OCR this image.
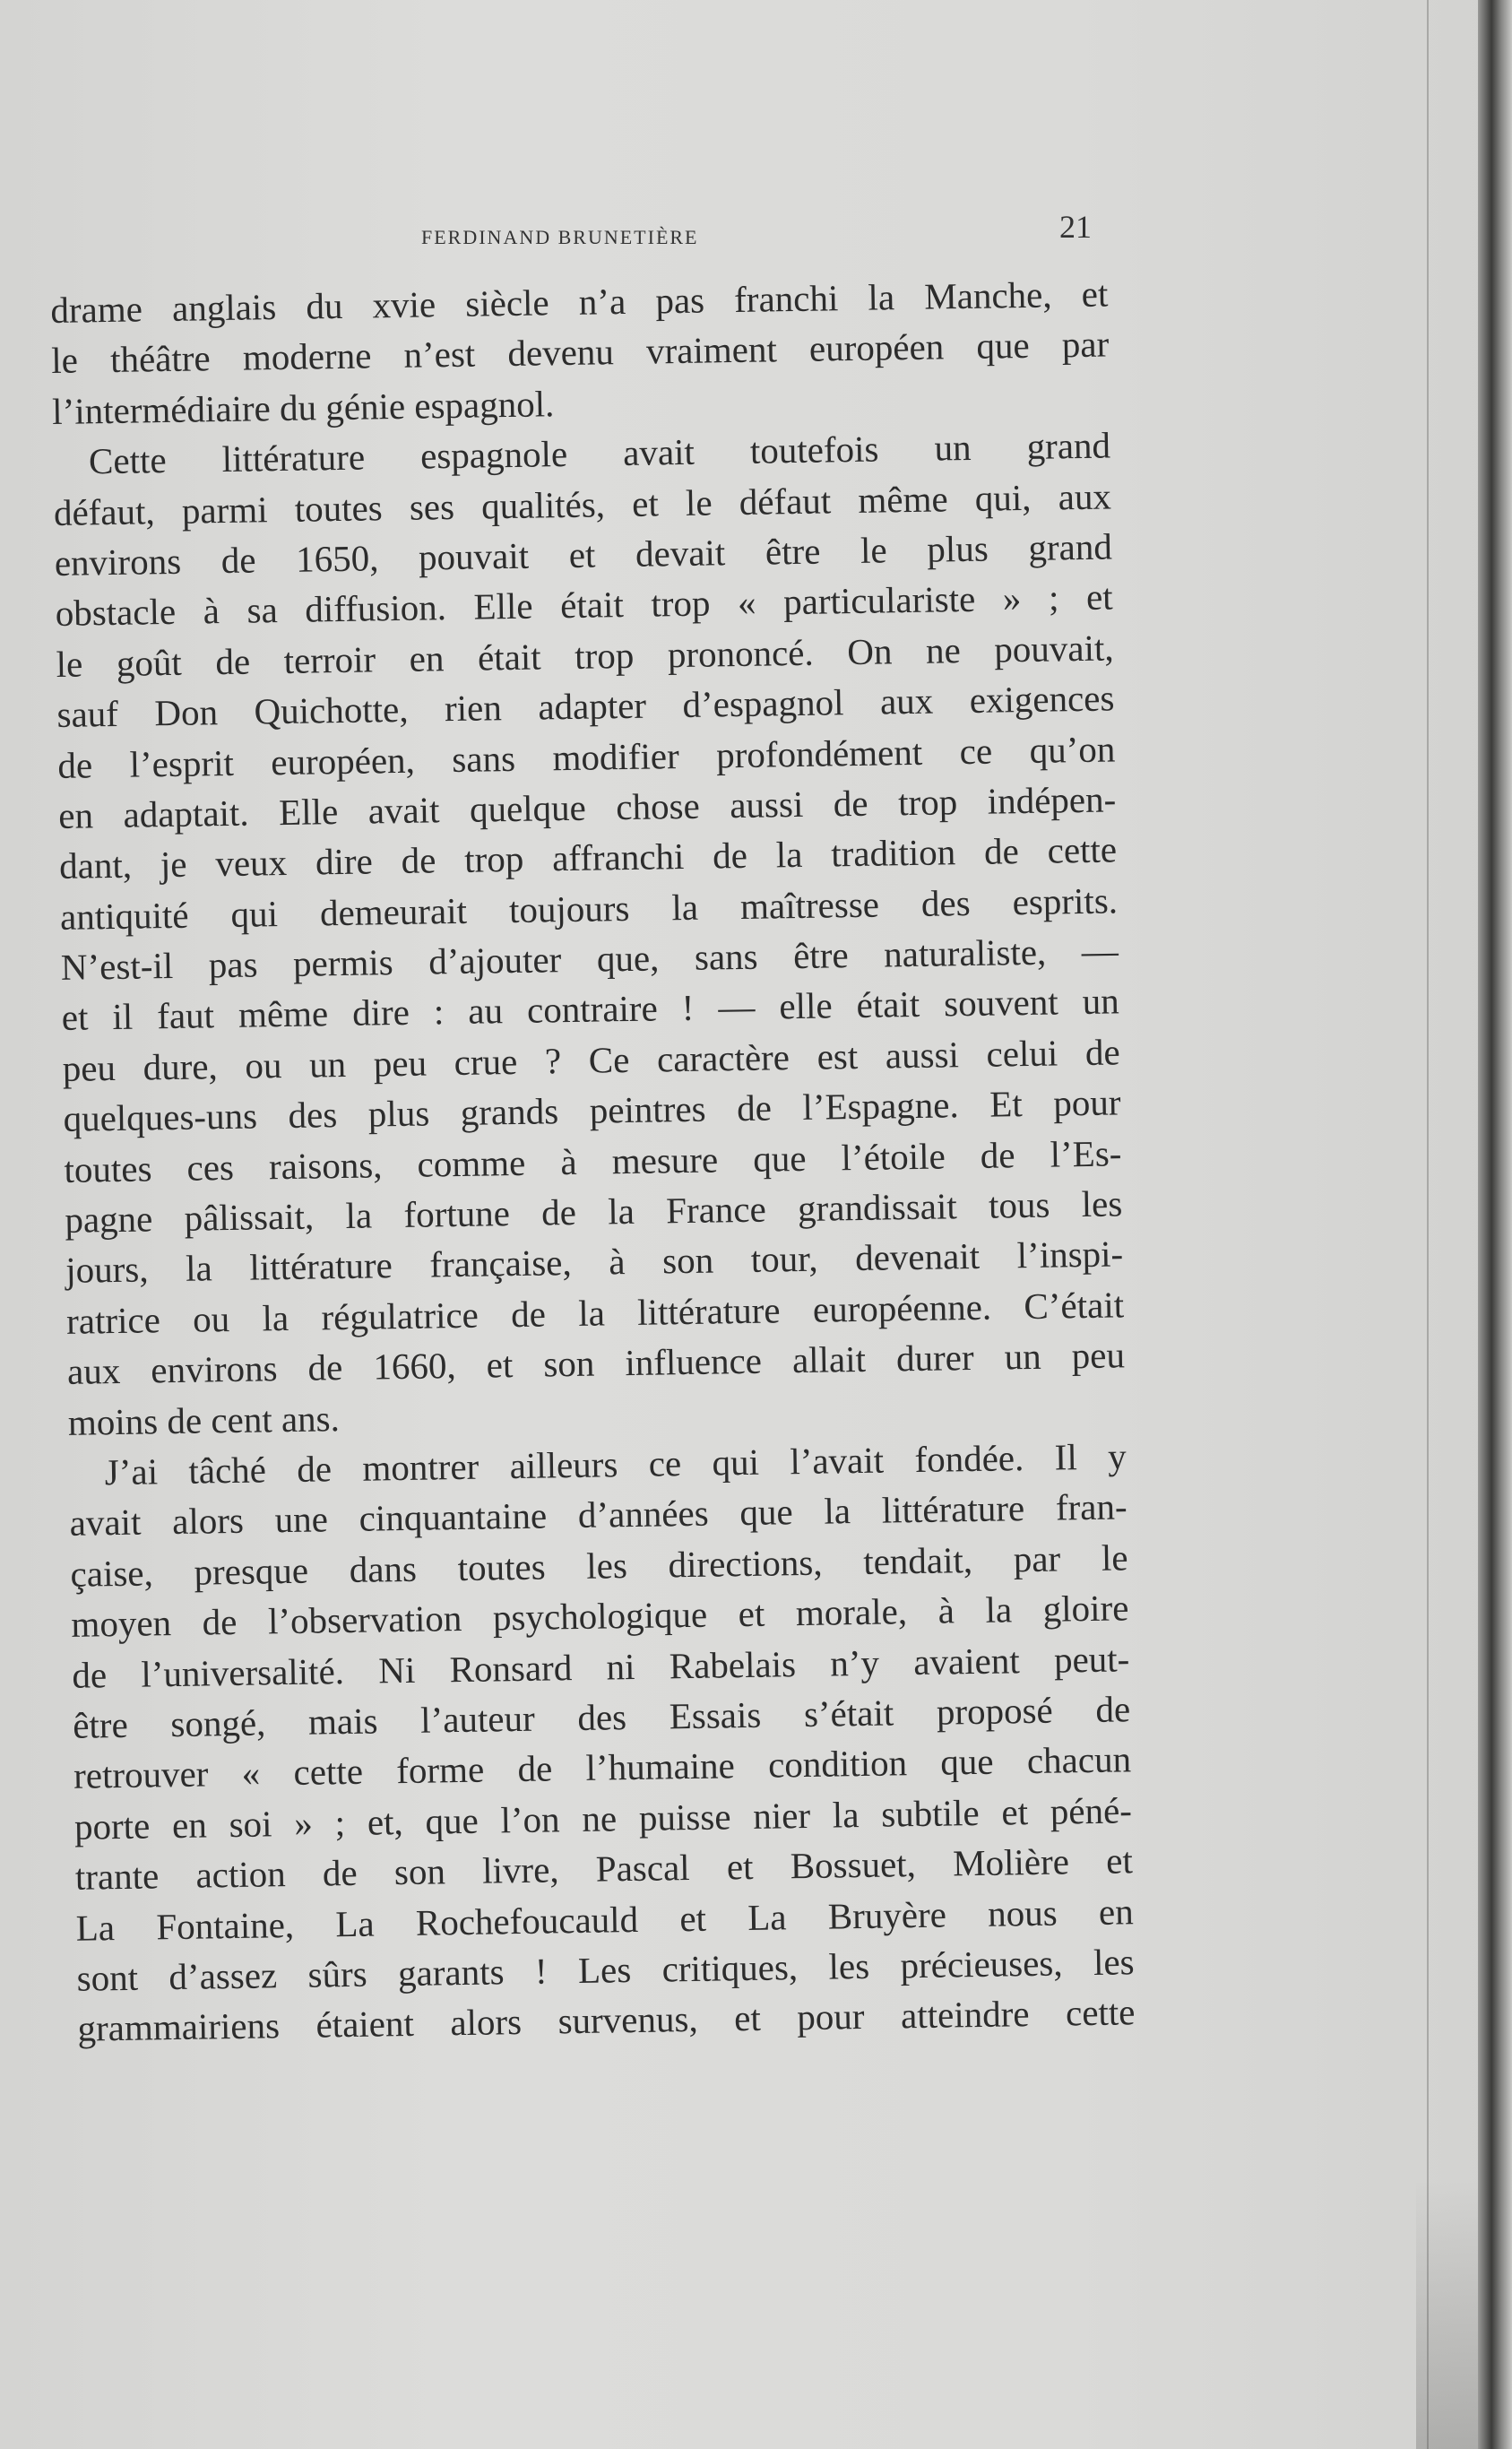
FERDINAND BRUNETIÈRE	21
drame anglais du xvie siècle n’a pas franchi la Manche, et
le théâtre moderne n’est devenu vraiment européen que par
l’intermédiaire du génie espagnol.
Cette littérature espagnole avait toutefois un grand
défaut, parmi toutes ses qualités, et le défaut même qui, aux
environs de 1650, pouvait et devait être le plus grand
obstacle à sa diffusion. Elle était trop « particulariste » ; et
le goût de terroir en était trop prononcé. On ne pouvait,
sauf Don Quichotte, rien adapter d’espagnol aux exigences
de l’esprit européen, sans modifier profondément ce qu’on
en adaptait. Elle avait quelque chose aussi de trop indépen-
dant, je veux dire de trop affranchi de la tradition de cette
antiquité qui demeurait toujours la maîtresse des esprits.
N’est-il pas permis d’ajouter que, sans être naturaliste, —
et il faut même dire : au contraire ! — elle était souvent un
peu dure, ou un peu crue ? Ce caractère est aussi celui de
quelques-uns des plus grands peintres de l’Espagne. Et pour
toutes ces raisons, comme à mesure que l’étoile de l’Es-
pagne pâlissait, la fortune de la France grandissait tous les
jours, la littérature française, à son tour, devenait l’inspi-
ratrice ou la régulatrice de la littérature européenne. C’était
aux environs de 1660, et son influence allait durer un peu
moins de cent ans.
J’ai tâché de montrer ailleurs ce qui l’avait fondée. Il y
avait alors une cinquantaine d’années que la littérature fran-
çaise, presque dans toutes les directions, tendait, par le
moyen de l’observation psychologique et morale, à la gloire
de l’universalité. Ni Ronsard ni Rabelais n’y avaient peut-
être songé, mais l’auteur des Essais s’était proposé de
retrouver « cette forme de l’humaine condition que chacun
porte en soi » ; et, que l’on ne puisse nier la subtile et péné-
trante action de son livre, Pascal et Bossuet, Molière et
La Fontaine, La Rochefoucauld et La Bruyère nous en
sont d’assez sûrs garants ! Les critiques, les précieuses, les
grammairiens étaient alors survenus, et pour atteindre cette
